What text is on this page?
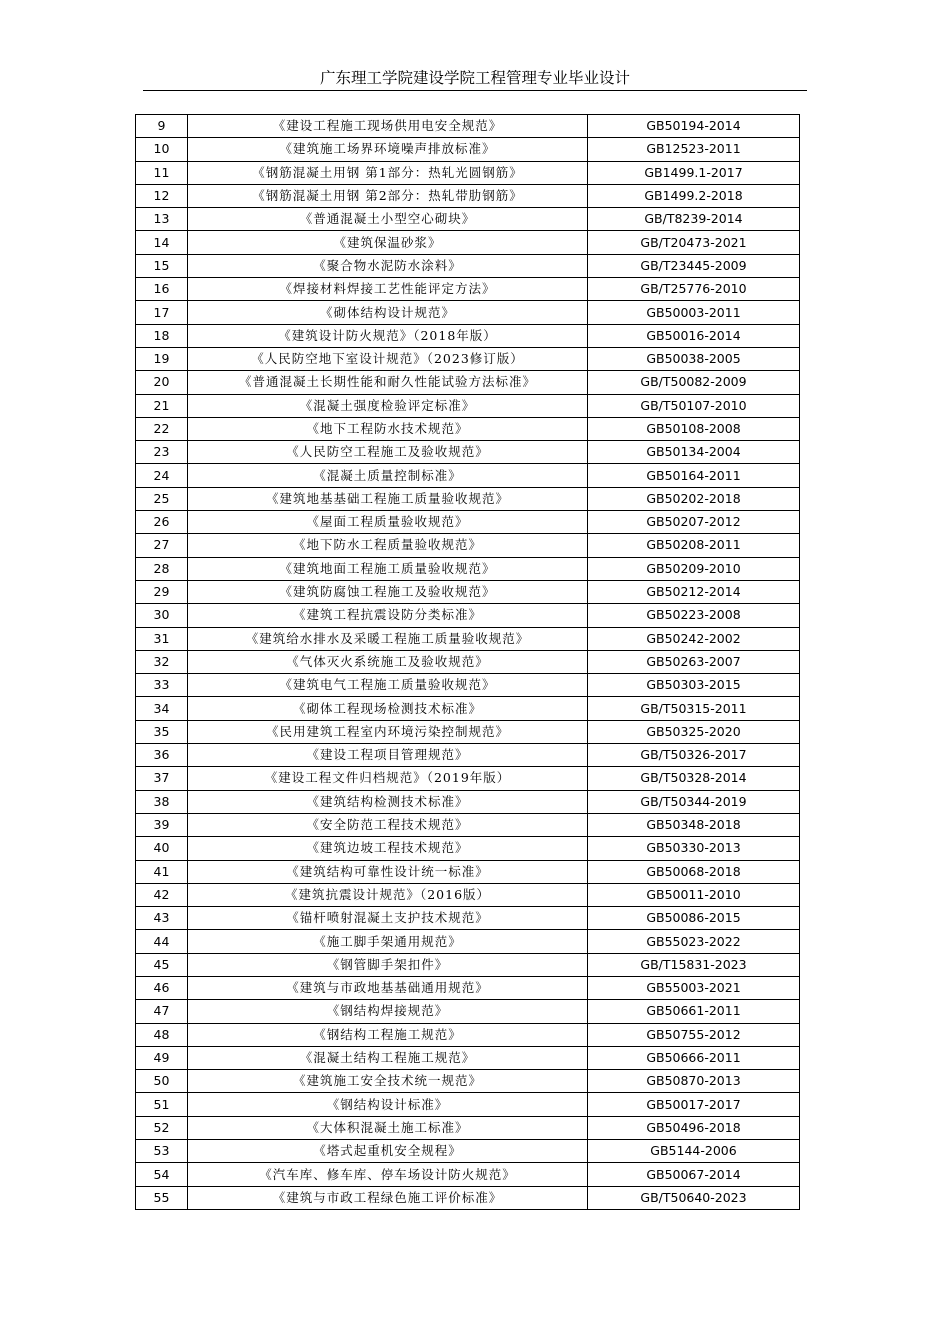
广东理工学院建设学院工程管理专业毕业设计
9	《建设工程施工现场供用电安全规范》	GB50194-2014
10	《建筑施工场界环境噪声排放标准》	GB12523-2011
11	《钢筋混凝土用钢 第1部分：热轧光圆钢筋》	GB1499.1-2017
12	《钢筋混凝土用钢 第2部分：热轧带肋钢筋》	GB1499.2-2018
13	《普通混凝土小型空心砌块》	GB/T8239-2014
14	《建筑保温砂浆》	GB/T20473-2021
15	《聚合物水泥防水涂料》	GB/T23445-2009
16	《焊接材料焊接工艺性能评定方法》	GB/T25776-2010
17	《砌体结构设计规范》	GB50003-2011
18	《建筑设计防火规范》（2018年版）	GB50016-2014
19	《人民防空地下室设计规范》（2023修订版）	GB50038-2005
20	《普通混凝土长期性能和耐久性能试验方法标准》	GB/T50082-2009
21	《混凝土强度检验评定标准》	GB/T50107-2010
22	《地下工程防水技术规范》	GB50108-2008
23	《人民防空工程施工及验收规范》	GB50134-2004
24	《混凝土质量控制标准》	GB50164-2011
25	《建筑地基基础工程施工质量验收规范》	GB50202-2018
26	《屋面工程质量验收规范》	GB50207-2012
27	《地下防水工程质量验收规范》	GB50208-2011
28	《建筑地面工程施工质量验收规范》	GB50209-2010
29	《建筑防腐蚀工程施工及验收规范》	GB50212-2014
30	《建筑工程抗震设防分类标准》	GB50223-2008
31	《建筑给水排水及采暖工程施工质量验收规范》	GB50242-2002
32	《气体灭火系统施工及验收规范》	GB50263-2007
33	《建筑电气工程施工质量验收规范》	GB50303-2015
34	《砌体工程现场检测技术标准》	GB/T50315-2011
35	《民用建筑工程室内环境污染控制规范》	GB50325-2020
36	《建设工程项目管理规范》	GB/T50326-2017
37	《建设工程文件归档规范》（2019年版）	GB/T50328-2014
38	《建筑结构检测技术标准》	GB/T50344-2019
39	《安全防范工程技术规范》	GB50348-2018
40	《建筑边坡工程技术规范》	GB50330-2013
41	《建筑结构可靠性设计统一标准》	GB50068-2018
42	《建筑抗震设计规范》（2016版）	GB50011-2010
43	《锚杆喷射混凝土支护技术规范》	GB50086-2015
44	《施工脚手架通用规范》	GB55023-2022
45	《钢管脚手架扣件》	GB/T15831-2023
46	《建筑与市政地基基础通用规范》	GB55003-2021
47	《钢结构焊接规范》	GB50661-2011
48	《钢结构工程施工规范》	GB50755-2012
49	《混凝土结构工程施工规范》	GB50666-2011
50	《建筑施工安全技术统一规范》	GB50870-2013
51	《钢结构设计标准》	GB50017-2017
52	《大体积混凝土施工标准》	GB50496-2018
53	《塔式起重机安全规程》	GB5144-2006
54	《汽车库、修车库、停车场设计防火规范》	GB50067-2014
55	《建筑与市政工程绿色施工评价标准》	GB/T50640-2023
